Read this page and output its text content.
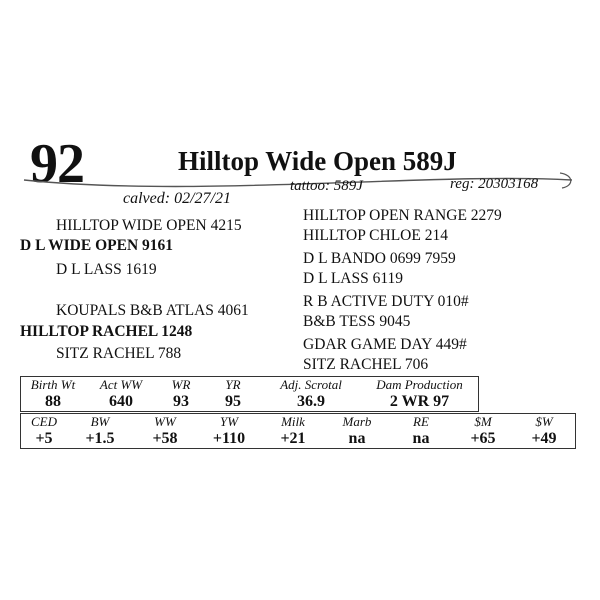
92	Hilltop Wide Open 589J
calved: 02/27/21
tattoo: 589J	reg: 20303168
HILLTOP WIDE OPEN 4215
D L WIDE OPEN 9161
D L LASS 1619
KOUPALS B&B ATLAS 4061
HILLTOP RACHEL 1248
SITZ RACHEL 788
HILLTOP OPEN RANGE 2279
HILLTOP CHLOE 214
D L BANDO 0699 7959
D L LASS 6119
R B ACTIVE DUTY 010#
B&B TESS 9045
GDAR GAME DAY 449#
SITZ RACHEL 706
Birth Wt	Act WW	WR	YR	Adj. Scrotal	Dam Production
88	640	93	95	36.9	2 WR 97
CED	BW	WW	YW	Milk	Marb	RE	$M	$W
+5	+1.5	+58	+110	+21	na	na	+65	+49
